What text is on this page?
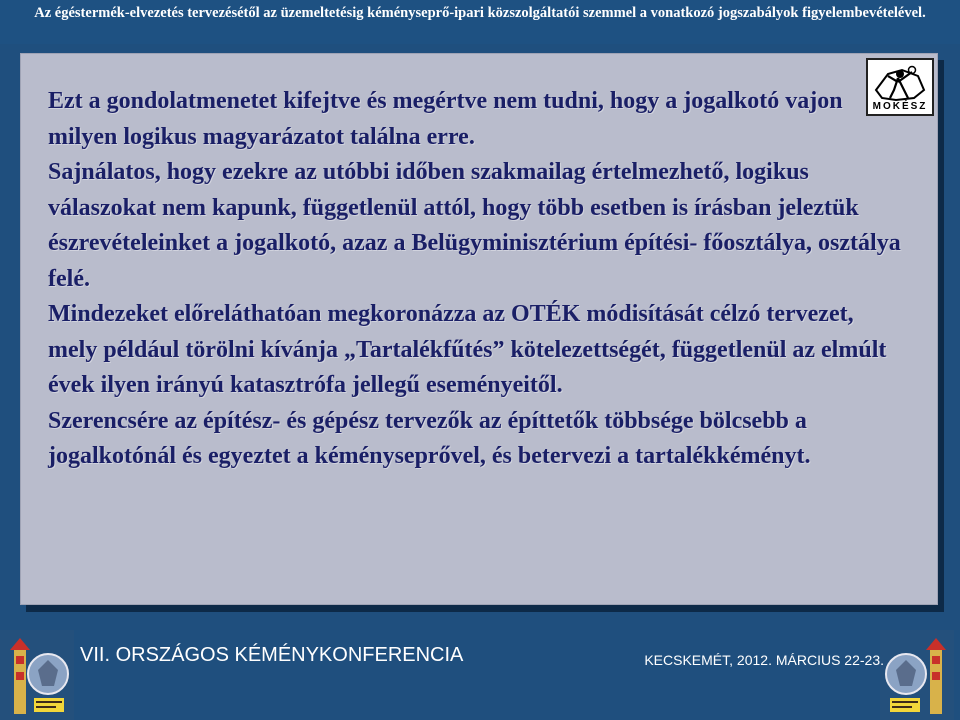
Az égéstermék-elvezetés tervezésétől az üzemeltetésig kéményseprő-ipari közszolgáltatói szemmel a vonatkozó jogszabályok figyelembevételével.
MOKÉSZ

Ezt a gondolatmenetet kifejtve és megértve nem tudni, hogy a jogalkotó vajon milyen logikus magyarázatot találna erre.

Sajnálatos, hogy ezekre az utóbbi időben szakmailag értelmezhető, logikus válaszokat nem kapunk, függetlenül attól, hogy több esetben is írásban jeleztük észrevételeinket a jogalkotó, azaz a Belügyminisztérium építési- főosztálya, osztálya felé.

Mindezeket előreláthatóan megkoronázza az OTÉK módisítását célzó tervezet, mely például törölni kívánja „Tartalékfűtés” kötelezettségét, függetlenül az elmúlt évek ilyen irányú katasztrófa jellegű eseményeitől.

Szerencsére az építész- és gépész tervezők az építtetők többsége bölcsebb a jogalkotónál és egyeztet a kéményseprővel, és betervezi a tartalékkéményt.

VII. ORSZÁGOS KÉMÉNYKONFERENCIA	KECSKEMÉT, 2012. MÁRCIUS 22-23.
